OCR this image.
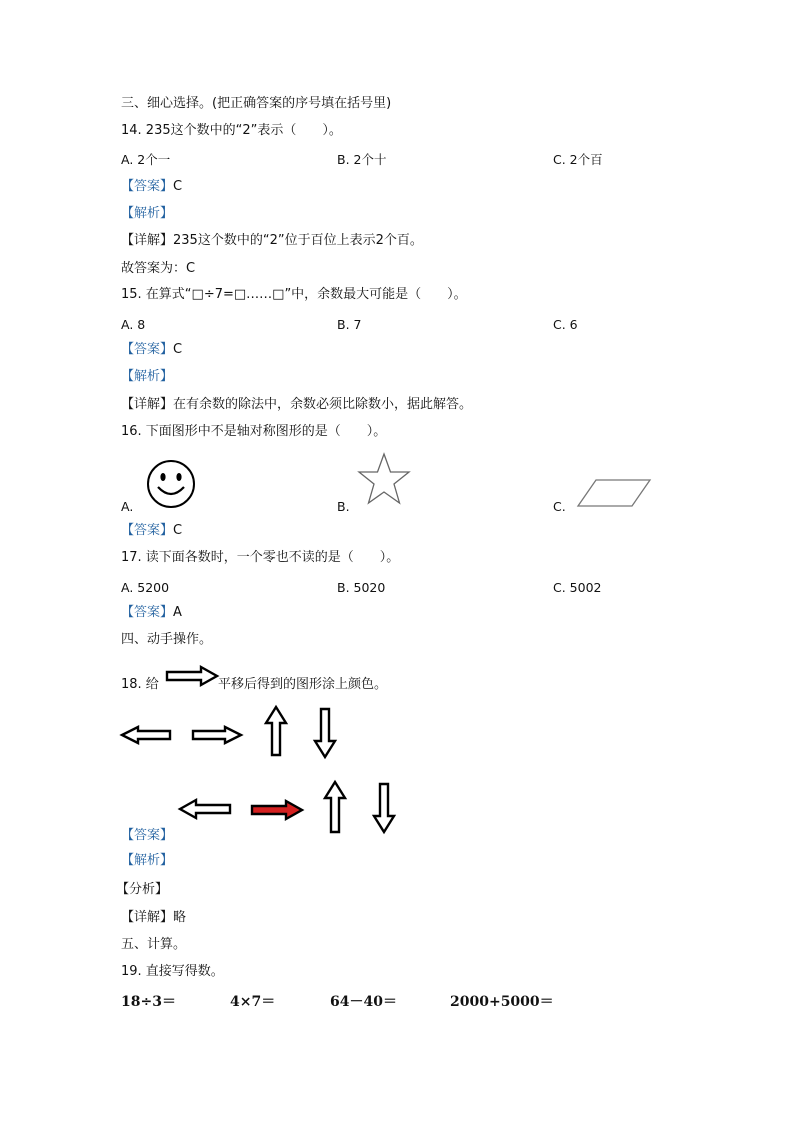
三、细心选择。(把正确答案的序号填在括号里)
14. 235这个数中的“2”表示（　　）。
A. 2个一	B. 2个十	C. 2个百
【答案】C
【解析】
【详解】235这个数中的“2”位于百位上表示2个百。
故答案为：C
15. 在算式“□÷7=□……□”中，余数最大可能是（　　）。
A. 8	B. 7	C. 6
【答案】C
【解析】
【详解】在有余数的除法中，余数必须比除数小，据此解答。
16. 下面图形中不是轴对称图形的是（　　）。
A.	B.	C.
【答案】C
17. 读下面各数时，一个零也不读的是（　　）。
A. 5200	B. 5020	C. 5002
【答案】A
四、动手操作。
18. 给	平移后得到的图形涂上颜色。
【答案】
【解析】
【分析】
【详解】略
五、计算。
19. 直接写得数。
18÷3＝	4×7＝	64－40＝	2000+5000＝
